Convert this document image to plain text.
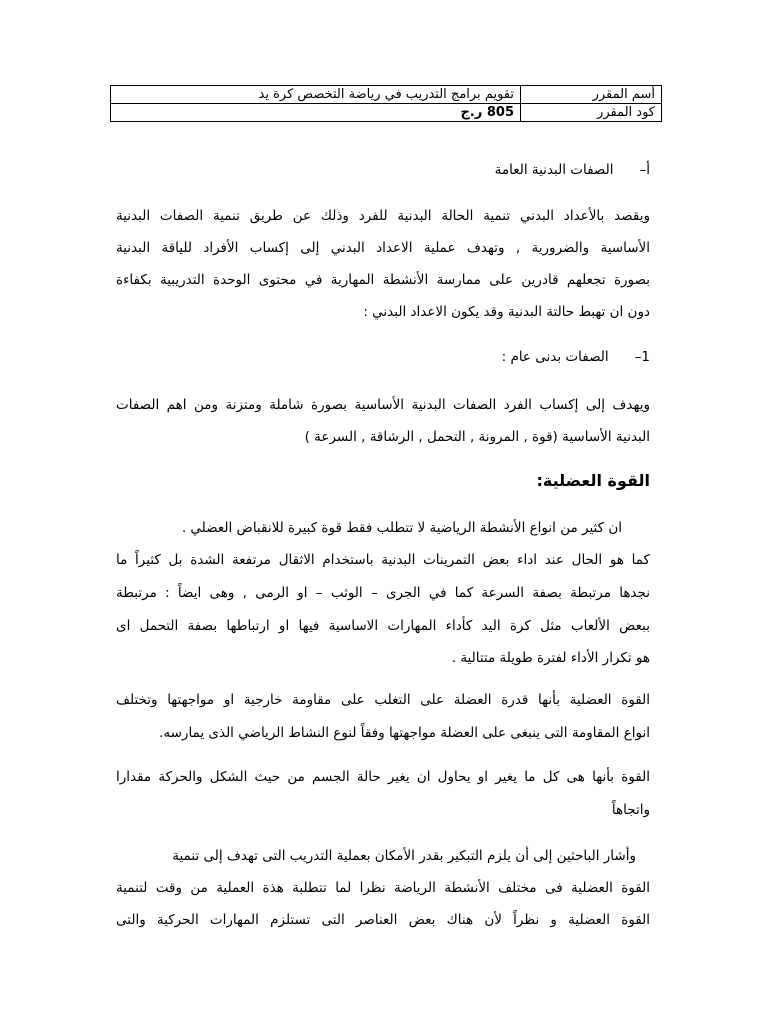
أسم المقرر	تقويم برامج التدريب في رياضة التخصص كرة يد
كود المقرر	805 ر.ج
أ–الصفات البدنية العامة
ويقصد بالأعداد البدني تنمية الحالة البدنية للفرد وذلك عن طريق تنمية الصفات البدنية
الأساسية والضرورية , وتهدف عملية الاعداد البدني إلى إكساب الأفراد للياقة البدنية
بصورة تجعلهم قادرين على ممارسة الأنشطة المهارية في محتوى الوحدة التدريبية بكفاءة
دون ان تهبط حالتة البدنية وقد يكون الاعداد البدني :
1–الصفات بدنى عام :
ويهدف إلى إكساب الفرد الصفات البدنية الأساسية بصورة شاملة ومتزنة ومن اهم الصفات
البدنية الأساسية (قوة , المرونة , التحمل , الرشاقة , السرعة )
القوة العضلية:
ان كثير من انواع الأنشطة الرياضية لا تتطلب فقط قوة كبيرة للانقباض العضلي .
كما هو الحال عند اداء بعض التمرينات البدنية باستخدام الاثقال مرتفعة الشدة بل كثيراً ما
نجدها مرتبطة بصفة السرعة كما في الجرى – الوثب – او الرمى , وهى ايضاً : مرتبطة
ببعض الألعاب مثل كرة اليد كأداء المهارات الاساسية فيها او ارتباطها بصفة التحمل اى
هو تكرار الأداء لفترة طويلة متتالية .
القوة العضلية بأنها قدرة العضلة على التغلب على مقاومة خارجية او مواجهتها وتختلف
انواع المقاومة التى ينبغى على العضلة مواجهتها وفقاً لنوع النشاط الرياضي الذى يمارسه.
القوة بأنها هى كل ما يغير او يحاول ان يغير حالة الجسم من حيث الشكل والحركة مقدارا
واتجاهاً
وأشار الباحثين إلى أن يلزم التبكير بقدر الأمكان بعملية التدريب التى تهدف إلى تنمية
القوة العضلية فى مختلف الأنشطة الرياضة نظرا لما تتطلبة هذة العملية من وقت لتنمية
القوة العضلية و نظراً لأن هناك بعض العناصر التى تستلزم المهارات الحركية والتى
